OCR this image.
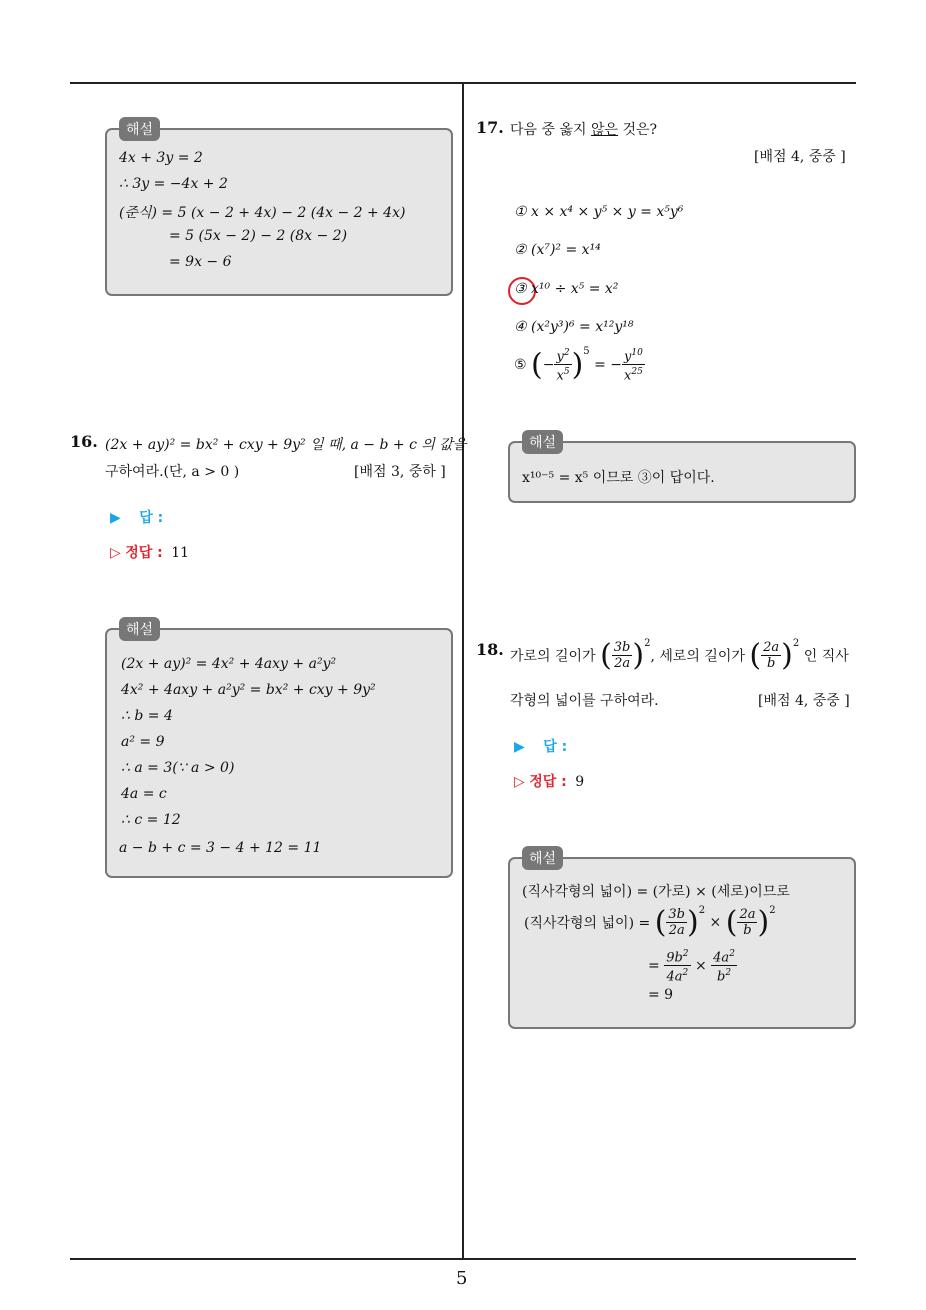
5
해설
4x + 3y = 2
∴ 3y = −4x + 2
(준식) = 5 (x − 2 + 4x) − 2 (4x − 2 + 4x)
= 5 (5x − 2) − 2 (8x − 2)
= 9x − 6
16. (2x + ay)² = bx² + cxy + 9y² 일 때, a − b + c 의 값을
구하여라.(단, a > 0 )	[배점 3, 중하 ]
▶ 답 :
▷ 정답 : 11
해설
(2x + ay)² = 4x² + 4axy + a²y²
4x² + 4axy + a²y² = bx² + cxy + 9y²
∴ b = 4
a² = 9
∴ a = 3(∵ a > 0)
4a = c
∴ c = 12
a − b + c = 3 − 4 + 12 = 11
17. 다음 중 옳지 않은 것은?
[배점 4, 중중 ]
① x × x⁴ × y⁵ × y = x⁵y⁶
② (x⁷)² = x¹⁴
③ x¹⁰ ÷ x⁵ = x²
④ (x²y³)⁶ = x¹²y¹⁸
⑤ (− $\frac{y^2}{x^5} )^5$ = − $\frac{y^{10}}{x^{25}}$
해설
x¹⁰⁻⁵ = x⁵ 이므로 ③이 답이다.
18. 가로의 길이가 ( $\frac{3b}{2a} )^2$, 세로의 길이가 ( $\frac{2a}{b} )^2$ 인 직사
각형의 넓이를 구하여라.	[배점 4, 중중 ]
▶ 답 :
▷ 정답 : 9
해설
(직사각형의 넓이) = (가로) × (세로)이므로
(직사각형의 넓이) = ( $\frac{3b}{2a} )^2$ × ( $\frac{2a}{b} )^2$
= $\frac{9b^2}{4a^2} \times \frac{4a^2}{b^2}$
= 9
